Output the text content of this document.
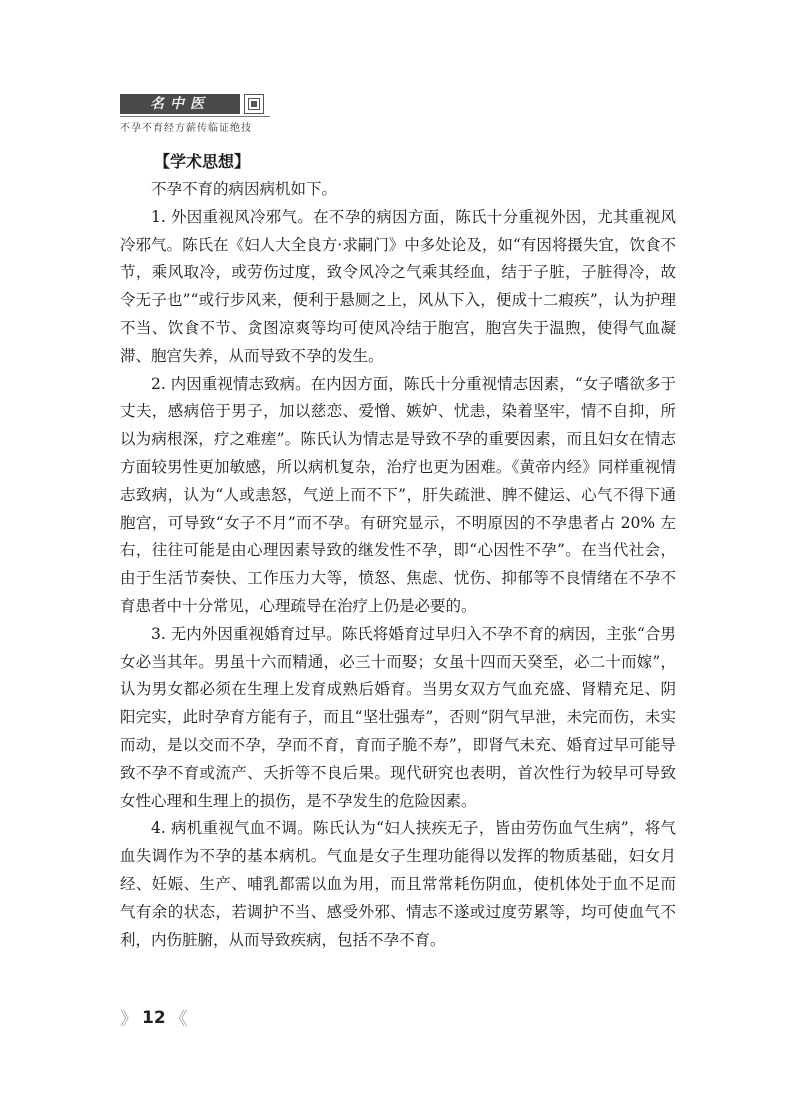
名中医
不孕不育经方薪传临证绝技
【学术思想】

不孕不育的病因病机如下。

1. 外因重视风冷邪气。在不孕的病因方面，陈氏十分重视外因，尤其重视风冷邪气。陈氏在《妇人大全良方·求嗣门》中多处论及，如“有因将摄失宜，饮食不节，乘风取冷，或劳伤过度，致令风冷之气乘其经血，结于子脏，子脏得冷，故令无子也”“或行步风来，便利于悬厕之上，风从下入，便成十二瘕疾”，认为护理不当、饮食不节、贪图凉爽等均可使风冷结于胞宫，胞宫失于温煦，使得气血凝滞、胞宫失养，从而导致不孕的发生。

2. 内因重视情志致病。在内因方面，陈氏十分重视情志因素，“女子嗜欲多于丈夫，感病倍于男子，加以慈恋、爱憎、嫉妒、忧恚，染着坚牢，情不自抑，所以为病根深，疗之难瘥”。陈氏认为情志是导致不孕的重要因素，而且妇女在情志方面较男性更加敏感，所以病机复杂，治疗也更为困难。《黄帝内经》同样重视情志致病，认为“人或恚怒，气逆上而不下”，肝失疏泄、脾不健运、心气不得下通胞宫，可导致“女子不月”而不孕。有研究显示，不明原因的不孕患者占 20% 左右，往往可能是由心理因素导致的继发性不孕，即“心因性不孕”。在当代社会，由于生活节奏快、工作压力大等，愤怒、焦虑、忧伤、抑郁等不良情绪在不孕不育患者中十分常见，心理疏导在治疗上仍是必要的。

3. 无内外因重视婚育过早。陈氏将婚育过早归入不孕不育的病因，主张“合男女必当其年。男虽十六而精通，必三十而娶；女虽十四而天癸至，必二十而嫁”，认为男女都必须在生理上发育成熟后婚育。当男女双方气血充盛、肾精充足、阴阳完实，此时孕育方能有子，而且“坚壮强寿”，否则“阴气早泄，未完而伤，未实而动，是以交而不孕，孕而不育，育而子脆不寿”，即肾气未充、婚育过早可能导致不孕不育或流产、夭折等不良后果。现代研究也表明，首次性行为较早可导致女性心理和生理上的损伤，是不孕发生的危险因素。

4. 病机重视气血不调。陈氏认为“妇人挟疾无子，皆由劳伤血气生病”，将气血失调作为不孕的基本病机。气血是女子生理功能得以发挥的物质基础，妇女月经、妊娠、生产、哺乳都需以血为用，而且常常耗伤阴血，使机体处于血不足而气有余的状态，若调护不当、感受外邪、情志不遂或过度劳累等，均可使血气不利，内伤脏腑，从而导致疾病，包括不孕不育。

》 12 《
